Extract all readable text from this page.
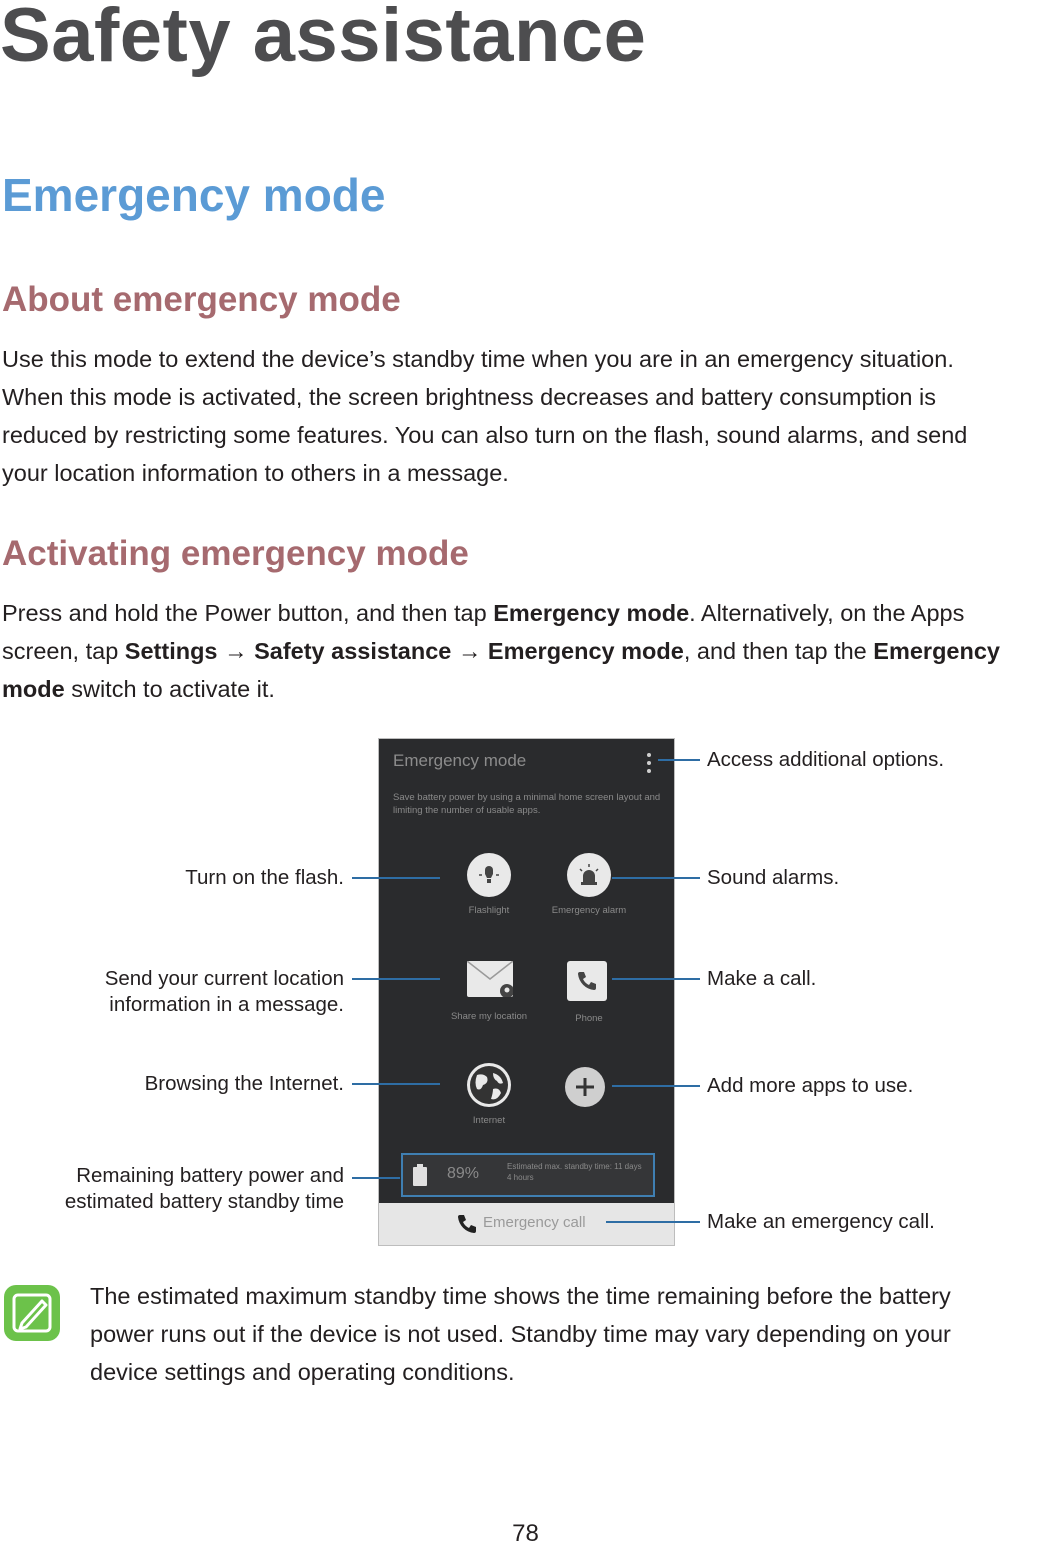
Safety assistance
Emergency mode
About emergency mode
Use this mode to extend the device’s standby time when you are in an emergency situation.
When this mode is activated, the screen brightness decreases and battery consumption is
reduced by restricting some features. You can also turn on the flash, sound alarms, and send
your location information to others in a message.
Activating emergency mode
Press and hold the Power button, and then tap Emergency mode. Alternatively, on the Apps
screen, tap Settings → Safety assistance → Emergency mode, and then tap the Emergency
mode switch to activate it.
Emergency mode
Save battery power by using a minimal home screen layout and limiting the number of usable apps.
Flashlight	Emergency alarm
Share my location	Phone
Internet
89%	Estimated max. standby time: 11 days 4 hours
Emergency call
Access additional options.
Sound alarms.
Make a call.
Add more apps to use.
Make an emergency call.
Turn on the flash.
Send your current location
information in a message.
Browsing the Internet.
Remaining battery power and
estimated battery standby time
The estimated maximum standby time shows the time remaining before the battery
power runs out if the device is not used. Standby time may vary depending on your
device settings and operating conditions.
78
